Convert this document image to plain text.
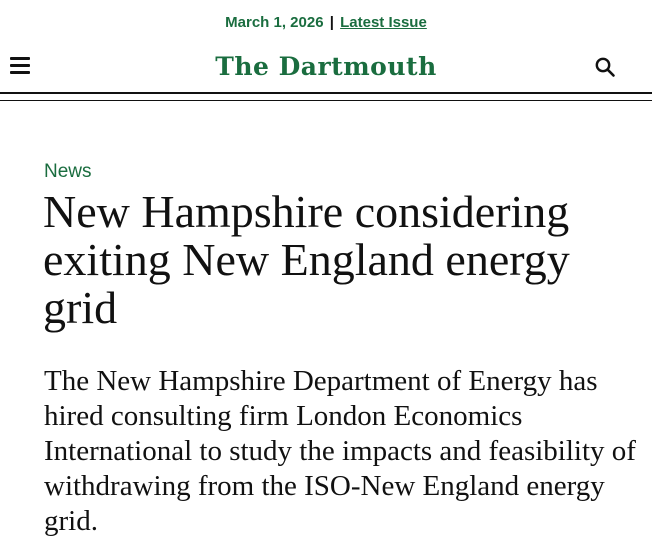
March 1, 2026 | Latest Issue
The Dartmouth
News
New Hampshire considering exiting New England energy grid

The New Hampshire Department of Energy has hired consulting firm London Economics International to study the impacts and feasibility of withdrawing from the ISO-New England energy grid.
